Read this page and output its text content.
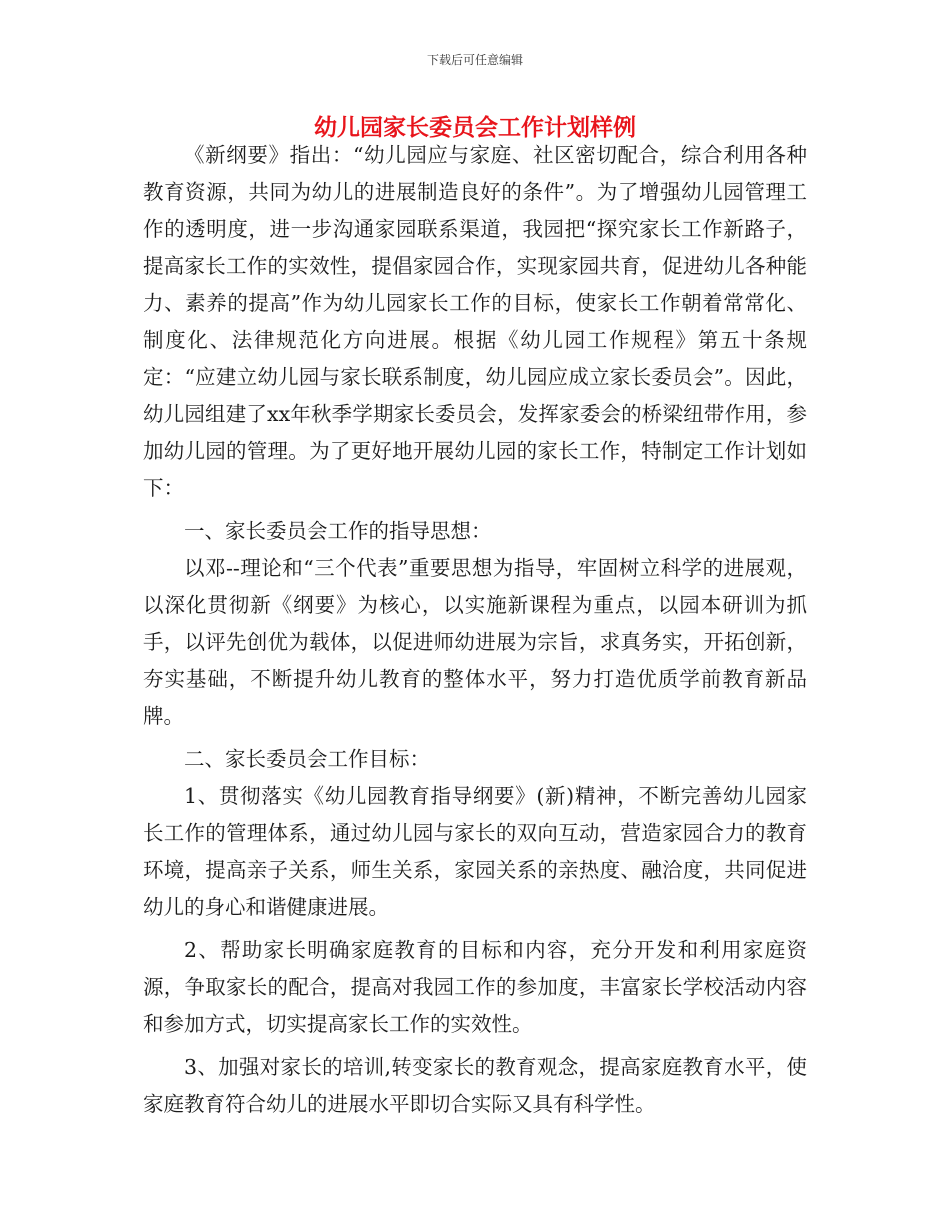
下载后可任意编辑
幼儿园家长委员会工作计划样例

《新纲要》指出：“幼儿园应与家庭、社区密切配合，综合利用各种教育资源，共同为幼儿的进展制造良好的条件”。为了增强幼儿园管理工作的透明度，进一步沟通家园联系渠道，我园把“探究家长工作新路子，提高家长工作的实效性，提倡家园合作，实现家园共育，促进幼儿各种能力、素养的提高”作为幼儿园家长工作的目标，使家长工作朝着常常化、制度化、法律规范化方向进展。根据《幼儿园工作规程》第五十条规定：“应建立幼儿园与家长联系制度，幼儿园应成立家长委员会”。因此，幼儿园组建了xx年秋季学期家长委员会，发挥家委会的桥梁纽带作用，参加幼儿园的管理。为了更好地开展幼儿园的家长工作，特制定工作计划如下：

一、家长委员会工作的指导思想：

以邓--理论和“三个代表”重要思想为指导，牢固树立科学的进展观，以深化贯彻新《纲要》为核心，以实施新课程为重点，以园本研训为抓手，以评先创优为载体，以促进师幼进展为宗旨，求真务实，开拓创新，夯实基础，不断提升幼儿教育的整体水平，努力打造优质学前教育新品牌。

二、家长委员会工作目标：

1、贯彻落实《幼儿园教育指导纲要》(新)精神，不断完善幼儿园家长工作的管理体系，通过幼儿园与家长的双向互动，营造家园合力的教育环境，提高亲子关系，师生关系，家园关系的亲热度、融洽度，共同促进幼儿的身心和谐健康进展。

2、帮助家长明确家庭教育的目标和内容，充分开发和利用家庭资源，争取家长的配合，提高对我园工作的参加度，丰富家长学校活动内容和参加方式，切实提高家长工作的实效性。

3、加强对家长的培训,转变家长的教育观念，提高家庭教育水平，使家庭教育符合幼儿的进展水平即切合实际又具有科学性。
